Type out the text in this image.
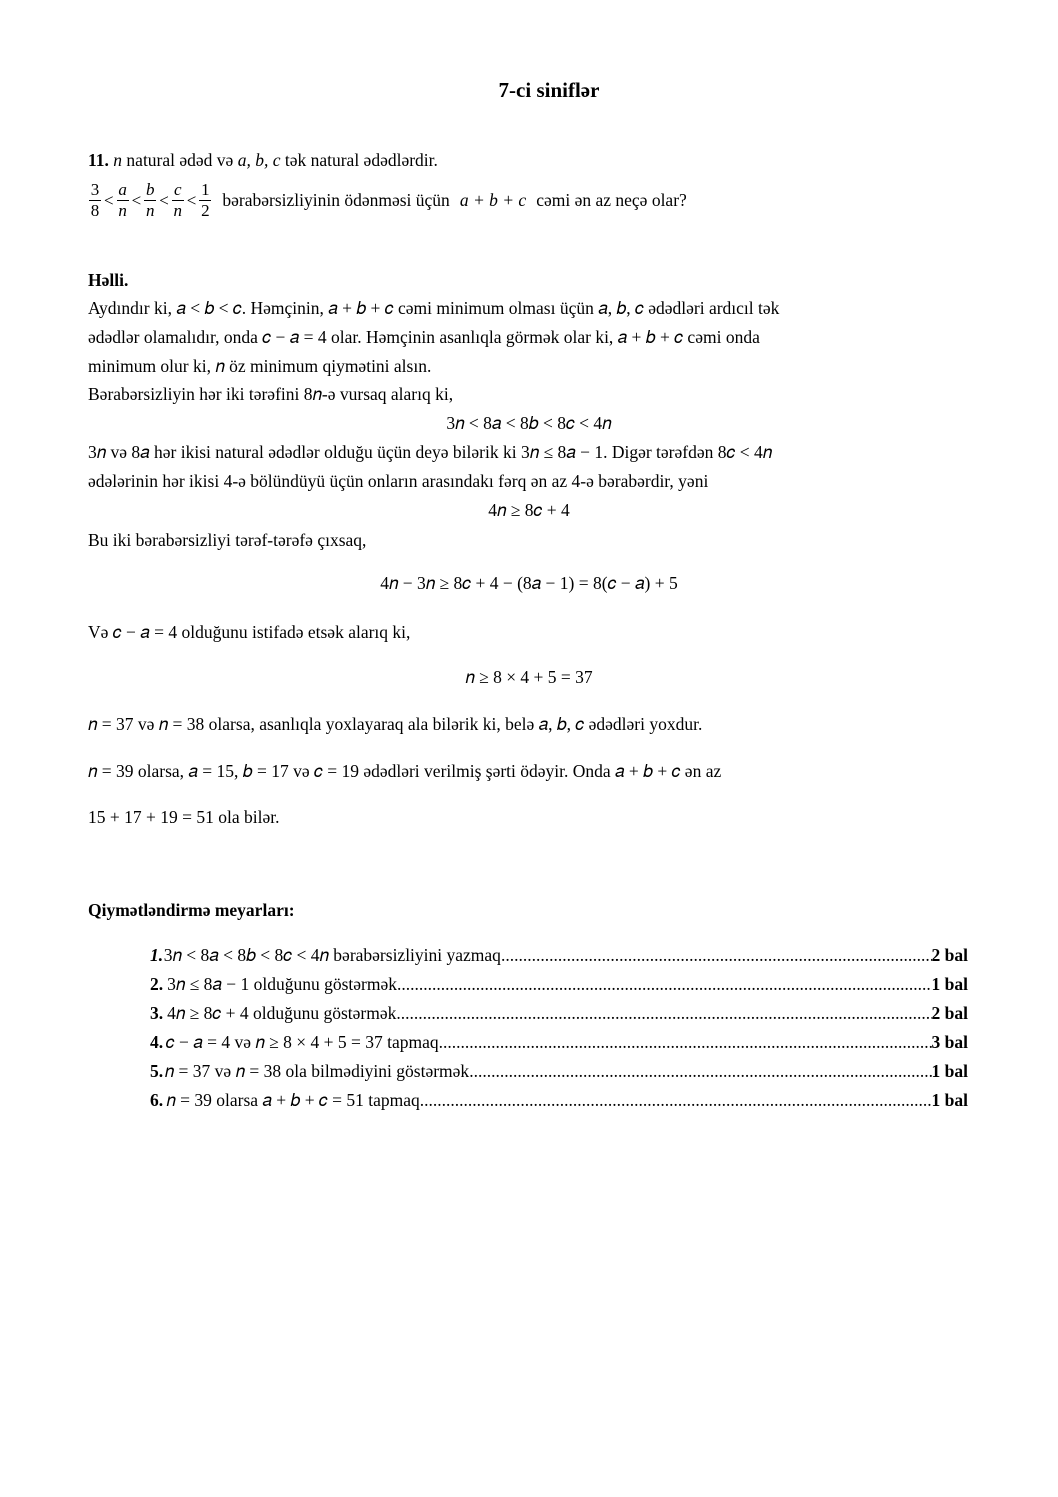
7-ci siniflər
11. n natural ədəd və a, b, c tək natural ədədlərdir.
$\frac{3}{8} < \frac{a}{n} < \frac{b}{n} < \frac{c}{n} < \frac{1}{2}$ bərabərsizliyinin ödənməsi üçün a + b + c cəmi ən az neçə olar?
Həlli.
Aydındır ki, 𝑎 < 𝑏 < 𝑐. Həmçinin, 𝑎 + 𝑏 + 𝑐 cəmi minimum olması üçün 𝑎, 𝑏, 𝑐 ədədləri ardıcıl tək
ədədlər olamalıdır, onda 𝑐 − 𝑎 = 4 olar. Həmçinin asanlıqla görmək olar ki, 𝑎 + 𝑏 + 𝑐 cəmi onda
minimum olur ki, 𝑛 öz minimum qiymətini alsın.
Bərabərsizliyin hər iki tərəfini 8𝑛-ə vursaq alarıq ki,
3𝑛 < 8𝑎 < 8𝑏 < 8𝑐 < 4𝑛
3𝑛 və 8𝑎 hər ikisi natural ədədlər olduğu üçün deyə bilərik ki 3𝑛 ≤ 8𝑎 − 1. Digər tərəfdən 8𝑐 < 4𝑛
ədələrinin hər ikisi 4-ə bölündüyü üçün onların arasındakı fərq ən az 4-ə bərabərdir, yəni
4𝑛 ≥ 8𝑐 + 4
Bu iki bərabərsizliyi tərəf-tərəfə çıxsaq,
4𝑛 − 3𝑛 ≥ 8𝑐 + 4 − (8𝑎 − 1) = 8(𝑐 − 𝑎) + 5
Və 𝑐 − 𝑎 = 4 olduğunu istifadə etsək alarıq ki,
𝑛 ≥ 8 × 4 + 5 = 37
𝑛 = 37 və 𝑛 = 38 olarsa, asanlıqla yoxlayaraq ala bilərik ki, belə 𝑎, 𝑏, 𝑐 ədədləri yoxdur.
𝑛 = 39 olarsa, 𝑎 = 15, 𝑏 = 17 və 𝑐 = 19 ədədləri verilmiş şərti ödəyir. Onda 𝑎 + 𝑏 + 𝑐 ən az
15 + 17 + 19 = 51 ola bilər.
Qiymətləndirmə meyarları:
1. 3𝑛 < 8𝑎 < 8𝑏 < 8𝑐 < 4𝑛 bərabərsizliyini yazmaq .....	2 bal
2. 3𝑛 ≤ 8𝑎 − 1 olduğunu göstərmək .....	1 bal
3. 4𝑛 ≥ 8𝑐 + 4 olduğunu göstərmək .....	2 bal
4. 𝑐 − 𝑎 = 4 və 𝑛 ≥ 8 × 4 + 5 = 37 tapmaq .....	3 bal
5. 𝑛 = 37 və 𝑛 = 38 ola bilmədiyini göstərmək .....	1 bal
6. 𝑛 = 39 olarsa 𝑎 + 𝑏 + 𝑐 = 51 tapmaq .....	1 bal
